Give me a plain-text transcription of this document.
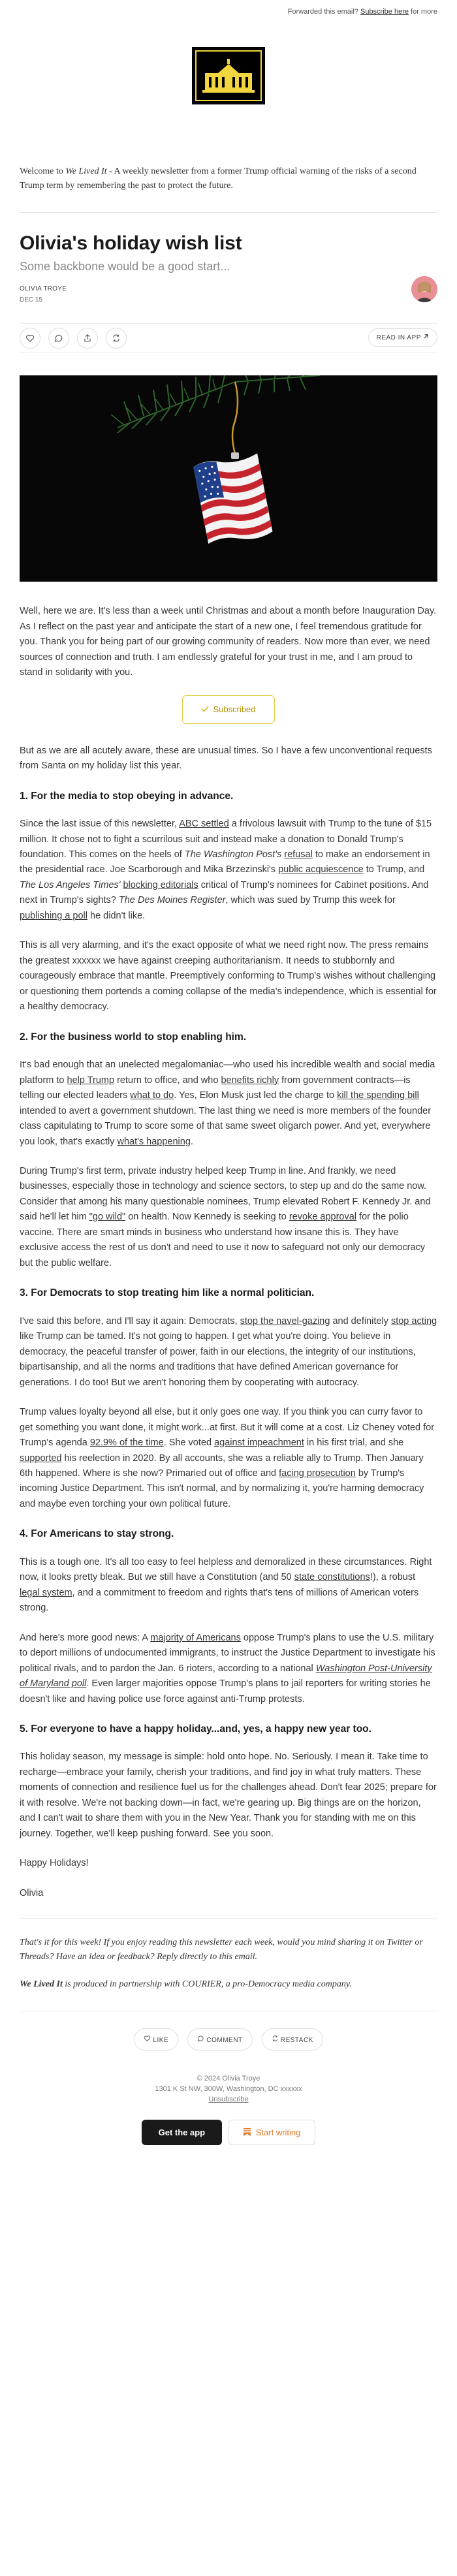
Forwarded this email? Subscribe here for more
Welcome to We Lived It - A weekly newsletter from a former Trump official warning of the risks of a second Trump term by remembering the past to protect the future.
Olivia's holiday wish list
Some backbone would be a good start...
OLIVIA TROYE
DEC 15
READ IN APP

Well, here we are. It's less than a week until Christmas and about a month before Inauguration Day. As I reflect on the past year and anticipate the start of a new one, I feel tremendous gratitude for you. Thank you for being part of our growing community of readers. Now more than ever, we need sources of connection and truth. I am endlessly grateful for your trust in me, and I am proud to stand in solidarity with you.

Subscribed

But as we are all acutely aware, these are unusual times. So I have a few unconventional requests from Santa on my holiday list this year.

1. For the media to stop obeying in advance.

Since the last issue of this newsletter, ABC settled a frivolous lawsuit with Trump to the tune of $15 million. It chose not to fight a scurrilous suit and instead make a donation to Donald Trump's foundation. This comes on the heels of The Washington Post's refusal to make an endorsement in the presidential race. Joe Scarborough and Mika Brzezinski's public acquiescence to Trump, and The Los Angeles Times' blocking editorials critical of Trump's nominees for Cabinet positions. And next in Trump's sights? The Des Moines Register, which was sued by Trump this week for publishing a poll he didn't like.

This is all very alarming, and it's the exact opposite of what we need right now. The press remains the greatest xxxxxx we have against creeping authoritarianism. It needs to stubbornly and courageously embrace that mantle. Preemptively conforming to Trump's wishes without challenging or questioning them portends a coming collapse of the media's independence, which is essential for a healthy democracy.

2. For the business world to stop enabling him.

It's bad enough that an unelected megalomaniac—who used his incredible wealth and social media platform to help Trump return to office, and who benefits richly from government contracts—is telling our elected leaders what to do. Yes, Elon Musk just led the charge to kill the spending bill intended to avert a government shutdown. The last thing we need is more members of the founder class capitulating to Trump to score some of that same sweet oligarch power. And yet, everywhere you look, that's exactly what's happening.

During Trump's first term, private industry helped keep Trump in line. And frankly, we need businesses, especially those in technology and science sectors, to step up and do the same now. Consider that among his many questionable nominees, Trump elevated Robert F. Kennedy Jr. and said he'll let him "go wild" on health. Now Kennedy is seeking to revoke approval for the polio vaccine. There are smart minds in business who understand how insane this is. They have exclusive access the rest of us don't and need to use it now to safeguard not only our democracy but the public welfare.

3. For Democrats to stop treating him like a normal politician.

I've said this before, and I'll say it again: Democrats, stop the navel-gazing and definitely stop acting like Trump can be tamed. It's not going to happen. I get what you're doing. You believe in democracy, the peaceful transfer of power, faith in our elections, the integrity of our institutions, bipartisanship, and all the norms and traditions that have defined American governance for generations. I do too! But we aren't honoring them by cooperating with autocracy.

Trump values loyalty beyond all else, but it only goes one way. If you think you can curry favor to get something you want done, it might work...at first. But it will come at a cost. Liz Cheney voted for Trump's agenda 92.9% of the time. She voted against impeachment in his first trial, and she supported his reelection in 2020. By all accounts, she was a reliable ally to Trump. Then January 6th happened. Where is she now? Primaried out of office and facing prosecution by Trump's incoming Justice Department. This isn't normal, and by normalizing it, you're harming democracy and maybe even torching your own political future.

4. For Americans to stay strong.

This is a tough one. It's all too easy to feel helpless and demoralized in these circumstances. Right now, it looks pretty bleak. But we still have a Constitution (and 50 state constitutions!), a robust legal system, and a commitment to freedom and rights that's tens of millions of American voters strong.

And here's more good news: A majority of Americans oppose Trump's plans to use the U.S. military to deport millions of undocumented immigrants, to instruct the Justice Department to investigate his political rivals, and to pardon the Jan. 6 rioters, according to a national Washington Post-University of Maryland poll. Even larger majorities oppose Trump's plans to jail reporters for writing stories he doesn't like and having police use force against anti-Trump protests.

5. For everyone to have a happy holiday...and, yes, a happy new year too.

This holiday season, my message is simple: hold onto hope. No. Seriously. I mean it. Take time to recharge—embrace your family, cherish your traditions, and find joy in what truly matters. These moments of connection and resilience fuel us for the challenges ahead. Don't fear 2025; prepare for it with resolve. We're not backing down—in fact, we're gearing up. Big things are on the horizon, and I can't wait to share them with you in the New Year. Thank you for standing with me on this journey. Together, we'll keep pushing forward. See you soon.

Happy Holidays!

Olivia

That's it for this week! If you enjoy reading this newsletter each week, would you mind sharing it on Twitter or Threads? Have an idea or feedback? Reply directly to this email.

We Lived It is produced in partnership with COURIER, a pro-Democracy media company.

LIKE	COMMENT	RESTACK
© 2024 Olivia Troye
1301 K St NW, 300W, Washington, DC xxxxxx
Unsubscribe
Get the app	Start writing
